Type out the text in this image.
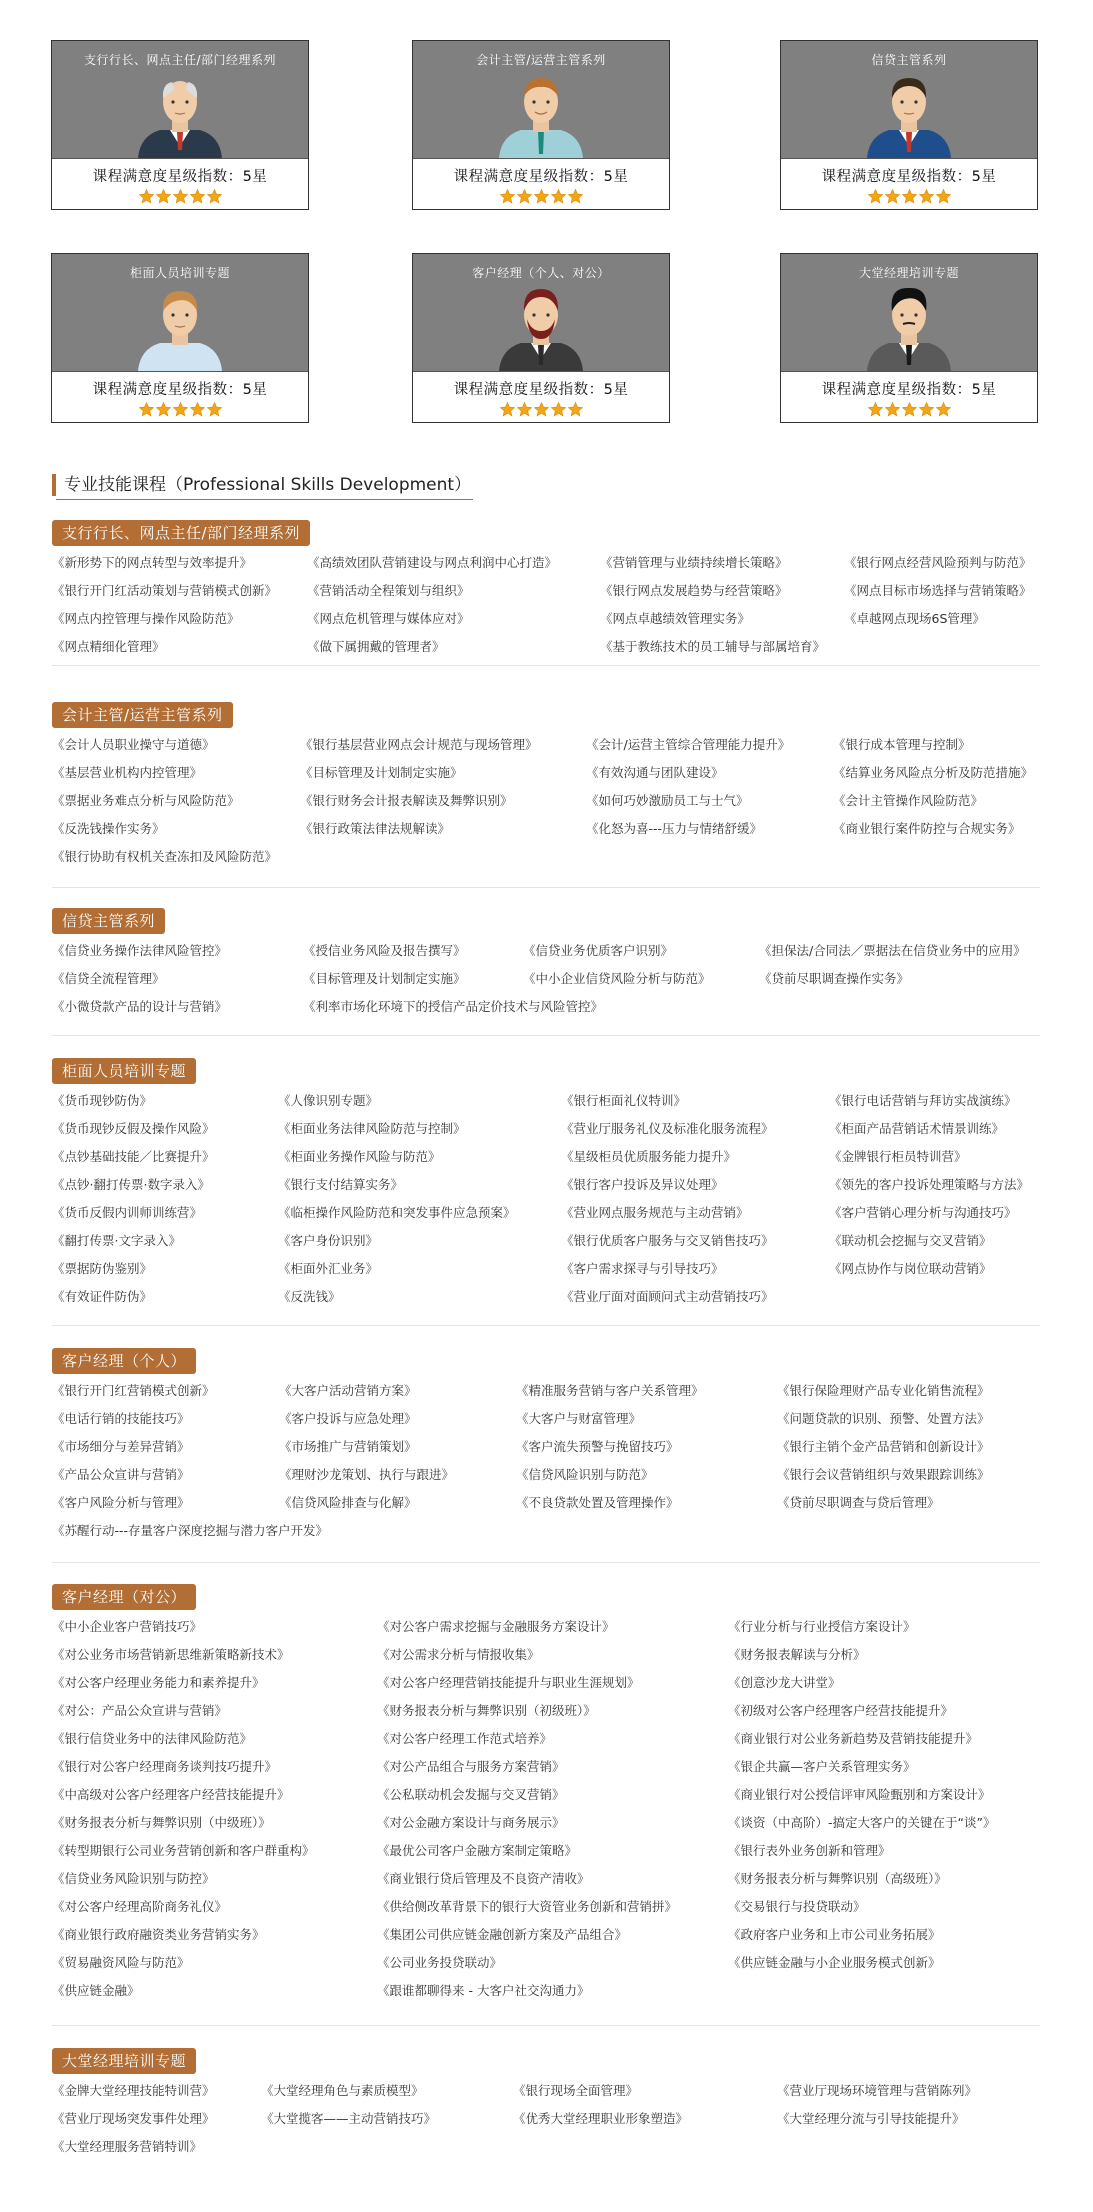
支行行长、网点主任/部门经理系列
课程满意度星级指数：5星
会计主管/运营主管系列
课程满意度星级指数：5星
信贷主管系列
课程满意度星级指数：5星
柜面人员培训专题
课程满意度星级指数：5星
客户经理（个人、对公）
课程满意度星级指数：5星
大堂经理培训专题
课程满意度星级指数：5星
专业技能课程（Professional Skills Development）
支行行长、网点主任/部门经理系列
《新形势下的网点转型与效率提升》	《高绩效团队营销建设与网点利润中心打造》	《营销管理与业绩持续增长策略》	《银行网点经营风险预判与防范》
《银行开门红活动策划与营销模式创新》 《营销活动全程策划与组织》	《银行网点发展趋势与经营策略》	《网点目标市场选择与营销策略》
《网点内控管理与操作风险防范》	《网点危机管理与媒体应对》	《网点卓越绩效管理实务》	《卓越网点现场6S管理》
《网点精细化管理》	《做下属拥戴的管理者》	《基于教练技术的员工辅导与部属培育》
会计主管/运营主管系列
《会计人员职业操守与道德》	《银行基层营业网点会计规范与现场管理》	《会计/运营主管综合管理能力提升》	《银行成本管理与控制》
《基层营业机构内控管理》	《目标管理及计划制定实施》	《有效沟通与团队建设》	《结算业务风险点分析及防范措施》
《票据业务难点分析与风险防范》	《银行财务会计报表解读及舞弊识别》	《如何巧妙激励员工与士气》	《会计主管操作风险防范》
《反洗钱操作实务》	《银行政策法律法规解读》	《化怒为喜---压力与情绪舒缓》	《商业银行案件防控与合规实务》
《银行协助有权机关查冻扣及风险防范》
信贷主管系列
《信贷业务操作法律风险管控》	《授信业务风险及报告撰写》	《信贷业务优质客户识别》	《担保法/合同法／票据法在信贷业务中的应用》
《信贷全流程管理》	《目标管理及计划制定实施》	《中小企业信贷风险分析与防范》	《贷前尽职调查操作实务》
《小微贷款产品的设计与营销》	《利率市场化环境下的授信产品定价技术与风险管控》
柜面人员培训专题
《货币现钞防伪》	《人像识别专题》	《银行柜面礼仪特训》	《银行电话营销与拜访实战演练》
《货币现钞反假及操作风险》	《柜面业务法律风险防范与控制》	《营业厅服务礼仪及标准化服务流程》	《柜面产品营销话术情景训练》
《点钞基础技能／比赛提升》	《柜面业务操作风险与防范》	《星级柜员优质服务能力提升》	《金牌银行柜员特训营》
《点钞·翻打传票·数字录入》	《银行支付结算实务》	《银行客户投诉及异议处理》	《领先的客户投诉处理策略与方法》
《货币反假内训师训练营》	《临柜操作风险防范和突发事件应急预案》	《营业网点服务规范与主动营销》	《客户营销心理分析与沟通技巧》
《翻打传票·文字录入》	《客户身份识别》	《银行优质客户服务与交叉销售技巧》	《联动机会挖掘与交叉营销》
《票据防伪鉴别》	《柜面外汇业务》	《客户需求探寻与引导技巧》	《网点协作与岗位联动营销》
《有效证件防伪》	《反洗钱》	《营业厅面对面顾问式主动营销技巧》
客户经理（个人）
《银行开门红营销模式创新》	《大客户活动营销方案》	《精准服务营销与客户关系管理》	《银行保险理财产品专业化销售流程》
《电话行销的技能技巧》	《客户投诉与应急处理》	《大客户与财富管理》	《问题贷款的识别、预警、处置方法》
《市场细分与差异营销》	《市场推广与营销策划》	《客户流失预警与挽留技巧》	《银行主销个金产品营销和创新设计》
《产品公众宣讲与营销》	《理财沙龙策划、执行与跟进》	《信贷风险识别与防范》	《银行会议营销组织与效果跟踪训练》
《客户风险分析与管理》	《信贷风险排查与化解》	《不良贷款处置及管理操作》	《贷前尽职调查与贷后管理》
《苏醒行动---存量客户深度挖掘与潜力客户开发》
客户经理（对公）
《中小企业客户营销技巧》	《对公客户需求挖掘与金融服务方案设计》	《行业分析与行业授信方案设计》
《对公业务市场营销新思维新策略新技术》	《对公需求分析与情报收集》	《财务报表解读与分析》
《对公客户经理业务能力和素养提升》	《对公客户经理营销技能提升与职业生涯规划》	《创意沙龙大讲堂》
《对公：产品公众宣讲与营销》	《财务报表分析与舞弊识别（初级班）》	《初级对公客户经理客户经营技能提升》
《银行信贷业务中的法律风险防范》	《对公客户经理工作范式培养》	《商业银行对公业务新趋势及营销技能提升》
《银行对公客户经理商务谈判技巧提升》	《对公产品组合与服务方案营销》	《银企共赢—客户关系管理实务》
《中高级对公客户经理客户经营技能提升》	《公私联动机会发掘与交叉营销》	《商业银行对公授信评审风险甄别和方案设计》
《财务报表分析与舞弊识别（中级班）》	《对公金融方案设计与商务展示》	《谈资（中高阶）-搞定大客户的关键在于“谈”》
《转型期银行公司业务营销创新和客户群重构》	《最优公司客户金融方案制定策略》	《银行表外业务创新和管理》
《信贷业务风险识别与防控》	《商业银行贷后管理及不良资产清收》	《财务报表分析与舞弊识别（高级班）》
《对公客户经理高阶商务礼仪》	《供给侧改革背景下的银行大资管业务创新和营销拼》	《交易银行与投贷联动》
《商业银行政府融资类业务营销实务》	《集团公司供应链金融创新方案及产品组合》	《政府客户业务和上市公司业务拓展》
《贸易融资风险与防范》	《公司业务投贷联动》	《供应链金融与小企业服务模式创新》
《供应链金融》	《跟谁都聊得来 - 大客户社交沟通力》
大堂经理培训专题
《金牌大堂经理技能特训营》	《大堂经理角色与素质模型》	《银行现场全面管理》	《营业厅现场环境管理与营销陈列》
《营业厅现场突发事件处理》	《大堂揽客——主动营销技巧》	《优秀大堂经理职业形象塑造》	《大堂经理分流与引导技能提升》
《大堂经理服务营销特训》
